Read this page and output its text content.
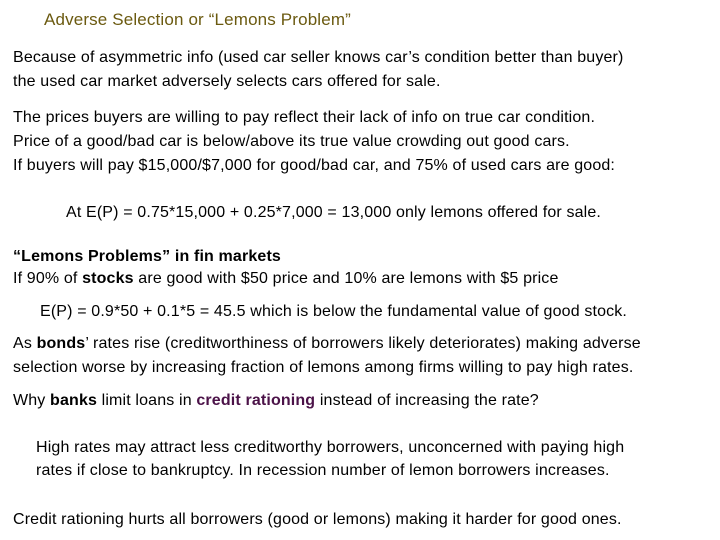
Adverse Selection or “Lemons Problem”
Because of asymmetric info (used car seller knows car’s condition better than buyer)
the used car market adversely selects cars offered for sale.
The prices buyers are willing to pay reflect their lack of info on true car condition.
Price of a good/bad car is below/above its true value crowding out good cars.
If buyers will pay $15,000/$7,000 for good/bad car, and 75% of used cars are good:
At E(P) = 0.75*15,000 + 0.25*7,000 = 13,000 only lemons offered for sale.
“Lemons Problems” in fin markets
If 90% of stocks are good with $50 price and 10% are lemons with $5 price
E(P) = 0.9*50 + 0.1*5 = 45.5 which is below the fundamental value of good stock.
As bonds’ rates rise (creditworthiness of borrowers likely deteriorates) making adverse
selection worse by increasing fraction of lemons among firms willing to pay high rates.
Why banks limit loans in credit rationing instead of increasing the rate?
High rates may attract less creditworthy borrowers, unconcerned with paying high
rates if close to bankruptcy. In recession number of lemon borrowers increases.
Credit rationing hurts all borrowers (good or lemons) making it harder for good ones.
